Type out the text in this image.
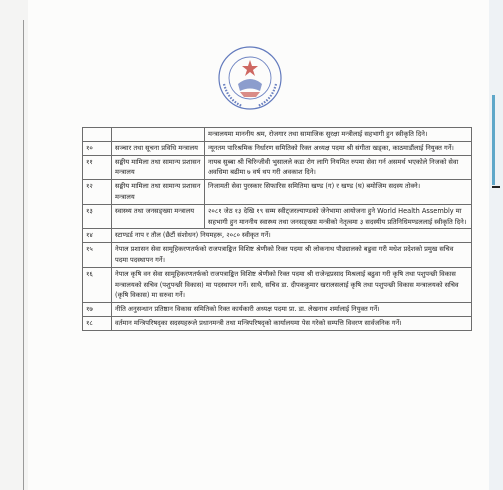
		मन्त्रालयमा माननीय श्रम, रोजगार तथा सामाजिक सुरक्षा मन्त्रीलाई सहभागी हुन स्वीकृति दिने।
१०	सञ्चार तथा सूचना प्रविधि मन्त्रालय	न्यूनतम पारिश्रमिक निर्धारण समितिको रिक्त अध्यक्ष पदमा श्री संगीता खड्का, काठमाडौंलाई नियुक्त गर्ने।
११	सङ्घीय मामिला तथा सामान्य प्रशासन मन्त्रालय	नायब सुब्बा श्री चिरिन्जीवी भुसालले कडा रोग लागि नियमित रुपमा सेवा गर्न असमर्थ भएकोले निजको सेवा अवधिमा बढीमा ७ वर्ष थप गरी अवकाश दिने।
१२	सङ्घीय मामिला तथा सामान्य प्रशासन मन्त्रालय	निजामती सेवा पुरस्कार सिफारिस समितिमा खण्ड (ग) र खण्ड (घ) बमोजिम सदस्य तोक्ने।
१३	स्वास्थ्य तथा जनसङ्ख्या मन्त्रालय	२०८१ जेठ १३ देखि १९ सम्म स्वीट्जरल्याण्डको जेनेभामा आयोजना हुने World Health Assembly मा सहभागी हुन माननीय स्वास्थ्य तथा जनसङ्ख्या मन्त्रीको नेतृत्वमा ३ सदस्यीय प्रतिनिधिमण्डललाई स्वीकृति दिने।
१४	स्टाण्डर्ड नाप र तौल (छैटौं संशोधन) नियमहरू, २०८० स्वीकृत गर्ने।	
१५	नेपाल प्रशासन सेवा सामूहिकरणतर्फको राजपत्राङ्कित विशिष्ट श्रेणीको रिक्त पदमा श्री लोकनाथ पौड्यालको बढुवा गरी मधेश प्रदेशको प्रमुख सचिव पदमा पदस्थापन गर्ने।	
१६	नेपाल कृषि वन सेवा सामूहिकरणतर्फको राजपत्राङ्कित विशिष्ट श्रेणीको रिक्त पदमा श्री राजेन्द्रप्रसाद मिश्रलाई बढुवा गरी कृषि तथा पशुपन्छी विकास मन्त्रालयको सचिव (पशुपन्छी विकास) मा पदस्थापन गर्ने। साथै, सचिव डा. दीपककुमार खरालसलाई कृषि तथा पशुपन्छी विकास मन्त्रालयको सचिव (कृषि विकास) मा सरुवा गर्ने।	
१७	नीति अनुसन्धान प्रतिष्ठान विकास समितिको रिक्त कार्यकारी अध्यक्ष पदमा प्रा. डा. लेखनाथ शर्मालाई नियुक्त गर्ने।	
१८	वर्तमान मन्त्रिपरिषद्का सदस्यहरूले प्रधानमन्त्री तथा मन्त्रिपरिषद्को कार्यालयमा पेस गरेको सम्पत्ति विवरण सार्वजनिक गर्ने।	
